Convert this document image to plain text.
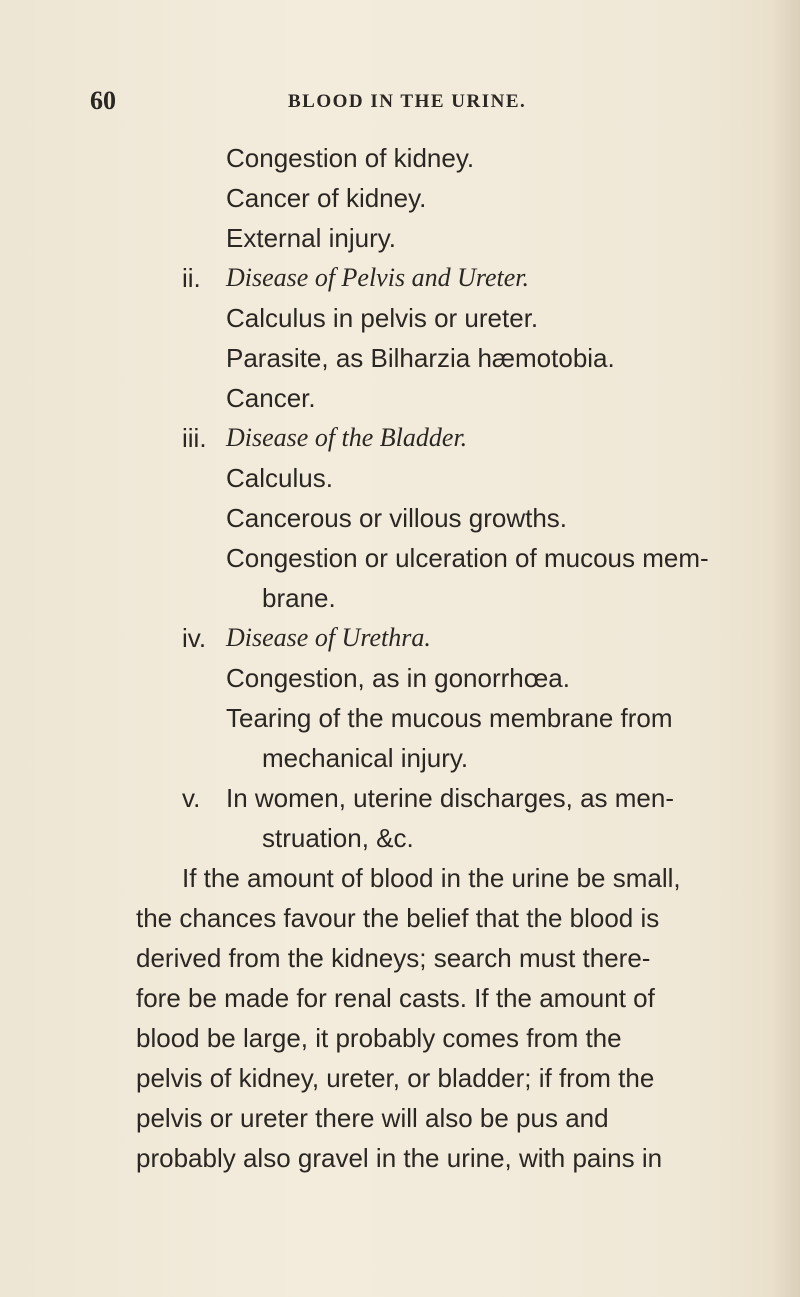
60	BLOOD IN THE URINE.
Congestion of kidney.
Cancer of kidney.
External injury.
ii. Disease of Pelvis and Ureter.
Calculus in pelvis or ureter.
Parasite, as Bilharzia hæmotobia.
Cancer.
iii. Disease of the Bladder.
Calculus.
Cancerous or villous growths.
Congestion or ulceration of mucous mem-
brane.
iv. Disease of Urethra.
Congestion, as in gonorrhœa.
Tearing of the mucous membrane from
mechanical injury.
v. In women, uterine discharges, as men-
struation, &c.
If the amount of blood in the urine be small,
the chances favour the belief that the blood is
derived from the kidneys; search must there-
fore be made for renal casts. If the amount of
blood be large, it probably comes from the
pelvis of kidney, ureter, or bladder; if from the
pelvis or ureter there will also be pus and
probably also gravel in the urine, with pains in
